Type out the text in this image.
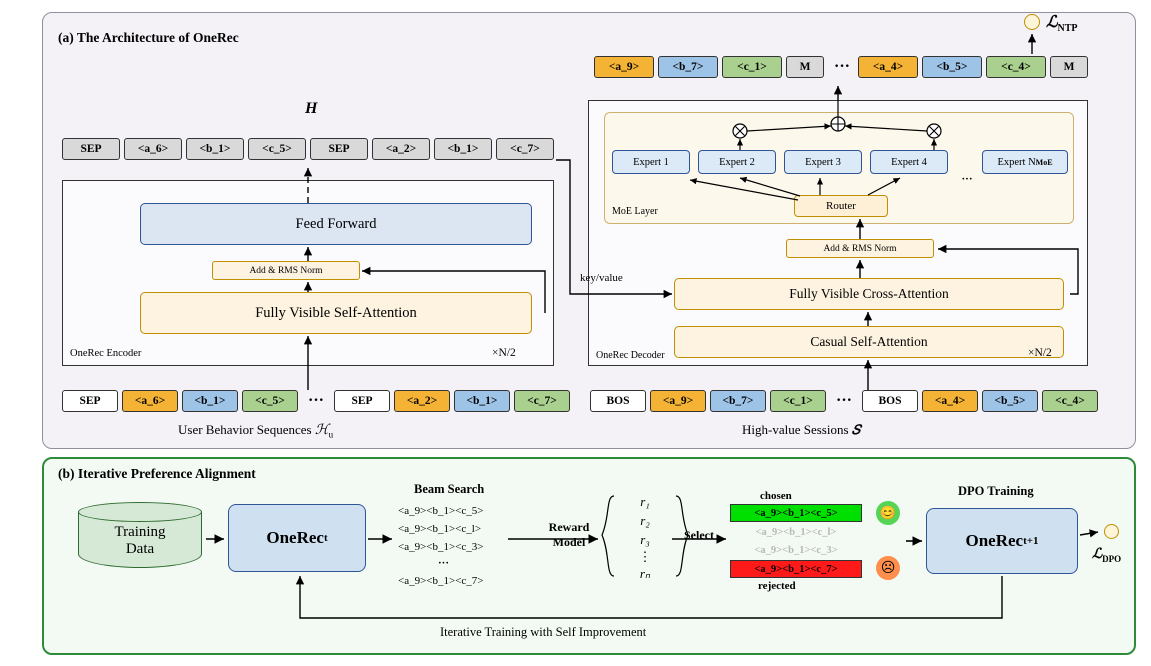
(a) The Architecture of OneRec
SEP	<a_6>	<b_1>	<c_5>	SEP	<a_2>	<b_1>	<c_7>
H
Feed Forward
Add & RMS Norm
Fully Visible Self-Attention
OneRec Encoder	×N/2
SEP	<a_6>	<b_1>	<c_5>	···	SEP	<a_2>	<b_1>	<c_7>
User Behavior Sequences ℋ$_u$
ℒ$_{NTP}$
<a_9>	<b_7>	<c_1>	M	···	<a_4>	<b_5>	<c_4>	M
MoE Layer
Expert 1	Expert 2	Expert 3	Expert 4
···
Expert N MoE
Router
Add & RMS Norm
Fully Visible Cross-Attention
Casual Self-Attention
OneRec Decoder	×N/2
key/value
BOS	<a_9>	<b_7>	<c_1>	···	BOS	<a_4>	<b_5>	<c_4>
High-value Sessions 𝑆
(b) Iterative Preference Alignment
Training
Data
OneRec t
Beam Search
<a_9><b_1><c_5>
<a_9><b_1><c_l>
<a_9><b_1><c_3>
···
<a_9><b_1><c_7>
Reward
Model
r₁
r₂
r₃
⋮
rₙ
Select
chosen
<a_9><b_1><c_5>
<a_9><b_1><c_l>
<a_9><b_1><c_3>
<a_9><b_1><c_7>
rejected
😊
☹
DPO Training
OneRec t+1
ℒ$_{DPO}$
Iterative Training with Self Improvement
